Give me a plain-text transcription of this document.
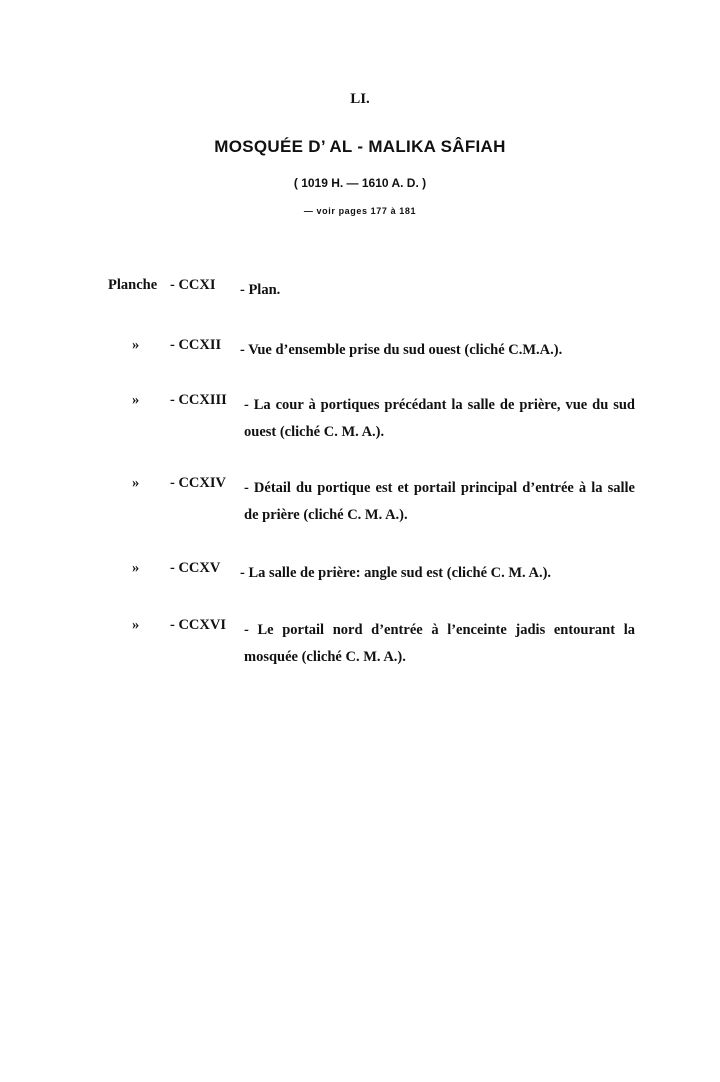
LI.
MOSQUÉE D’ AL - MALIKA SÂFIAH
( 1019 H. — 1610 A. D. )
— voir pages 177 à 181
Planche - CCXI - Plan.
» - CCXII - Vue d’ensemble prise du sud ouest (cliché C.M.A.).
» - CCXIII - La cour à portiques précédant la salle de prière, vue du sud ouest (cliché C. M. A.).
» - CCXIV - Détail du portique est et portail principal d’entrée à la salle de prière (cliché C. M. A.).
» - CCXV - La salle de prière: angle sud est (cliché C. M. A.).
» - CCXVI - Le portail nord d’entrée à l’enceinte jadis entourant la mosquée (cliché C. M. A.).
